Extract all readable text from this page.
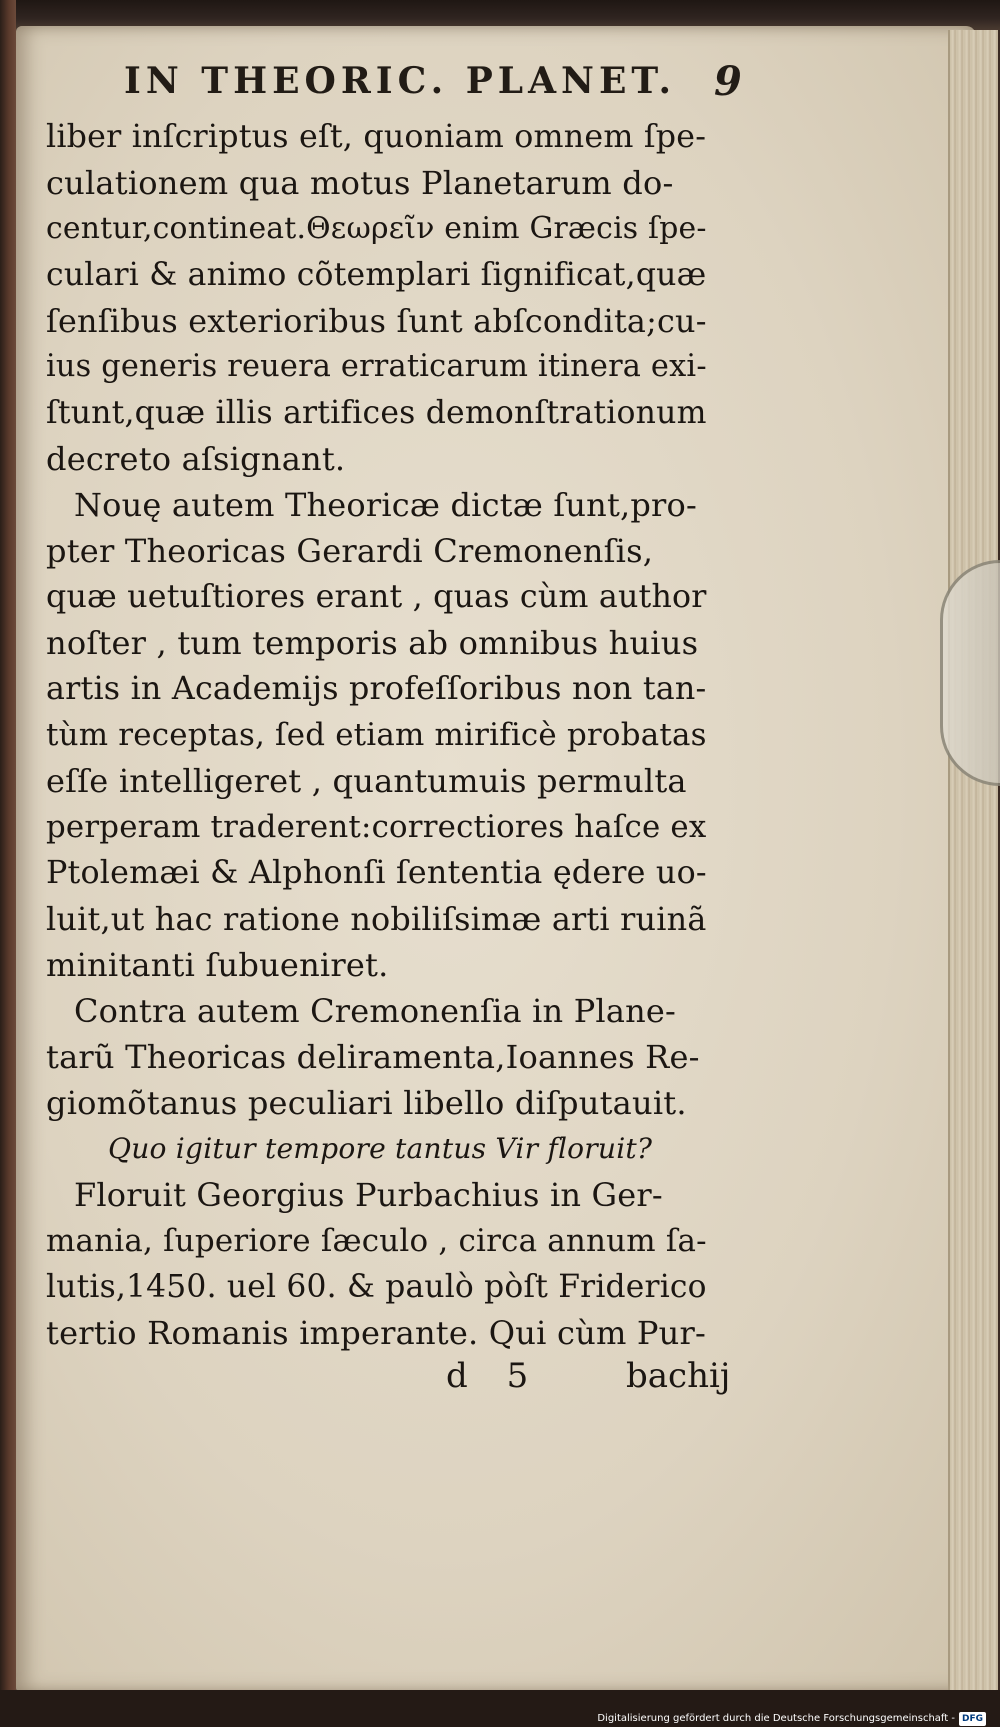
IN THEORIC. PLANET. 9
liber inſcriptus eſt, quoniam omnem ſpe-
culationem qua motus Planetarum do-
centur,contineat.Θεωρεῖν enim Græcis ſpe-
culari & animo cõtemplari ſignificat,quæ
ſenſibus exterioribus ſunt abſcondita;cu-
ius generis reuera erraticarum itinera exi-
ſtunt,quæ illis artifices demonſtrationum
decreto aſsignant.
Nouę autem Theoricæ dictæ ſunt,pro-
pter Theoricas Gerardi Cremonenſis,
quæ uetuſtiores erant , quas cùm author
noſter , tum temporis ab omnibus huius
artis in Academijs profeſſoribus non tan-
tùm receptas, ſed etiam mirificè probatas
eſſe intelligeret , quantumuis permulta
perperam traderent:correctiores haſce ex
Ptolemæi & Alphonſi ſententia ędere uo-
luit,ut hac ratione nobiliſsimæ arti ruinã
minitanti ſubueniret.
Contra autem Cremonenſia in Plane-
tarũ Theoricas deliramenta,Ioannes Re-
giomõtanus peculiari libello diſputauit.
Quo igitur tempore tantus Vir floruit?
Floruit Georgius Purbachius in Ger-
mania, ſuperiore ſæculo , circa annum ſa-
lutis,1450. uel 60. & paulò pòſt Friderico
tertio Romanis imperante. Qui cùm Pur-
d 5 bachij
Digitalisierung gefördert durch die Deutsche Forschungsgemeinschaft - DFG
